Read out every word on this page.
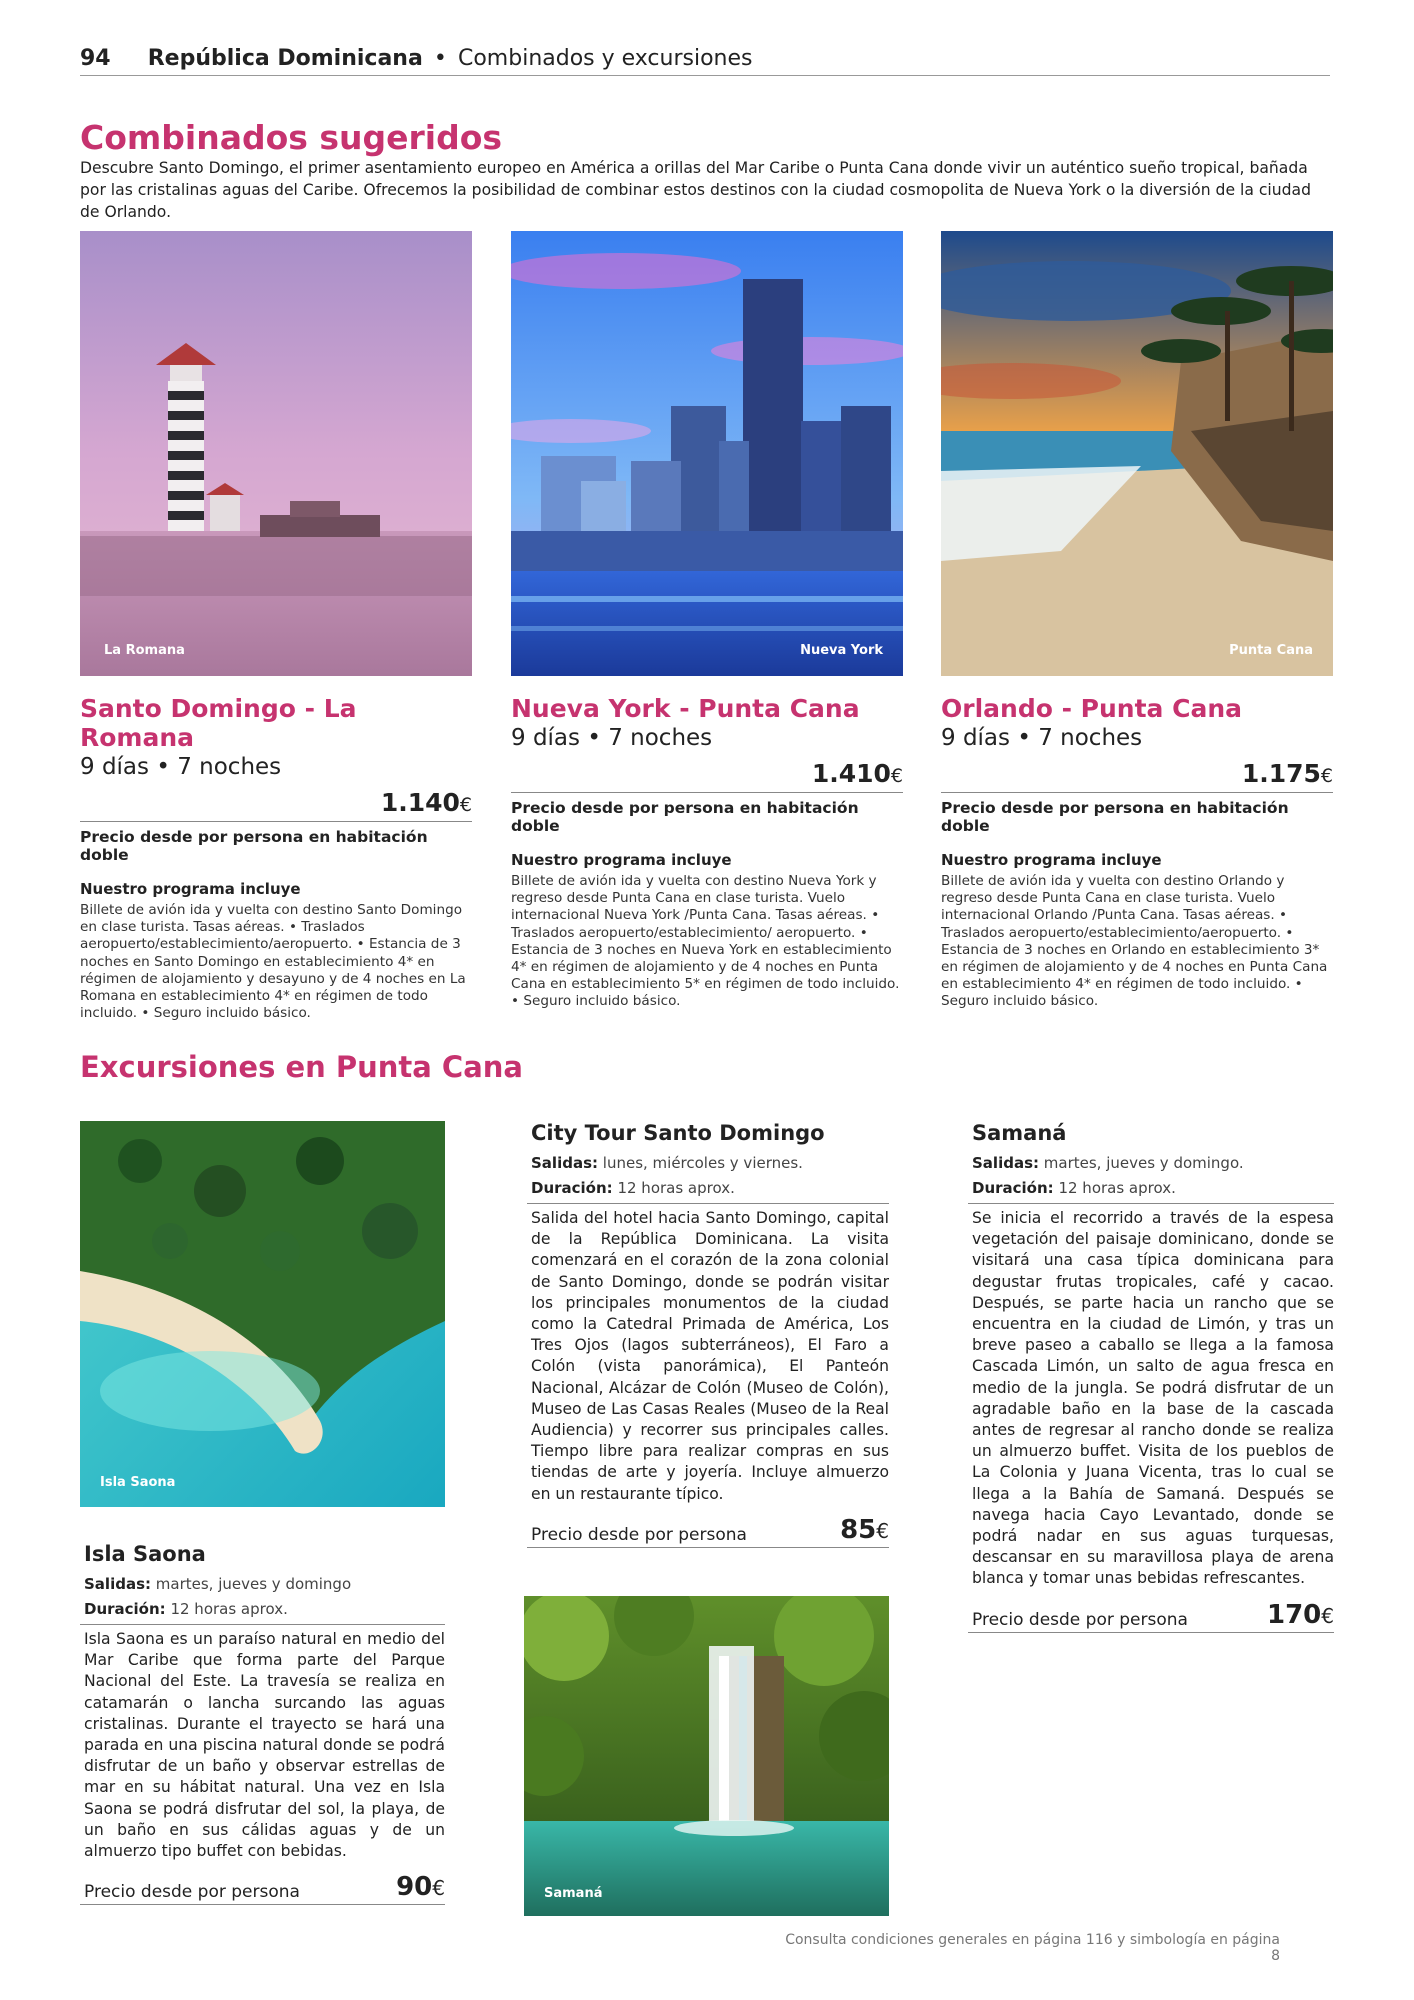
94 República Dominicana • Combinados y excursiones
Combinados sugeridos
Descubre Santo Domingo, el primer asentamiento europeo en América a orillas del Mar Caribe o Punta Cana donde vivir un auténtico sueño tropical, bañada por las cristalinas aguas del Caribe. Ofrecemos la posibilidad de combinar estos destinos con la ciudad cosmopolita de Nueva York o la diversión de la ciudad de Orlando.
La Romana	Nueva York	Punta Cana
Santo Domingo - La Romana
9 días • 7 noches
1.140€
Precio desde por persona en habitación doble
Nuestro programa incluye
Billete de avión ida y vuelta con destino Santo Domingo en clase turista. Tasas aéreas. • Traslados aeropuerto/establecimiento/aeropuerto. • Estancia de 3 noches en Santo Domingo en establecimiento 4* en régimen de alojamiento y desayuno y de 4 noches en La Romana en establecimiento 4* en régimen de todo incluido. • Seguro incluido básico.
Nueva York - Punta Cana
9 días • 7 noches
1.410€
Precio desde por persona en habitación doble
Nuestro programa incluye
Billete de avión ida y vuelta con destino Nueva York y regreso desde Punta Cana en clase turista. Vuelo internacional Nueva York /Punta Cana. Tasas aéreas. • Traslados aeropuerto/establecimiento/ aeropuerto. • Estancia de 3 noches en Nueva York en establecimiento 4* en régimen de alojamiento y de 4 noches en Punta Cana en establecimiento 5* en régimen de todo incluido. • Seguro incluido básico.
Orlando - Punta Cana
9 días • 7 noches
1.175€
Precio desde por persona en habitación doble
Nuestro programa incluye
Billete de avión ida y vuelta con destino Orlando y regreso desde Punta Cana en clase turista. Vuelo internacional Orlando /Punta Cana. Tasas aéreas. • Traslados aeropuerto/establecimiento/aeropuerto. • Estancia de 3 noches en Orlando en establecimiento 3* en régimen de alojamiento y de 4 noches en Punta Cana en establecimiento 4* en régimen de todo incluido. • Seguro incluido básico.
Excursiones en Punta Cana
Isla Saona
Isla Saona
Salidas: martes, jueves y domingo
Duración: 12 horas aprox.
Isla Saona es un paraíso natural en medio del Mar Caribe que forma parte del Parque Nacional del Este. La travesía se realiza en catamarán o lancha surcando las aguas cristalinas. Durante el trayecto se hará una parada en una piscina natural donde se podrá disfrutar de un baño y observar estrellas de mar en su hábitat natural. Una vez en Isla Saona se podrá disfrutar del sol, la playa, de un baño en sus cálidas aguas y de un almuerzo tipo buffet con bebidas.
Precio desde por persona	90€
City Tour Santo Domingo
Salidas: lunes, miércoles y viernes.
Duración: 12 horas aprox.
Salida del hotel hacia Santo Domingo, capital de la República Dominicana. La visita comenzará en el corazón de la zona colonial de Santo Domingo, donde se podrán visitar los principales monumentos de la ciudad como la Catedral Primada de América, Los Tres Ojos (lagos subterráneos), El Faro a Colón (vista panorámica), El Panteón Nacional, Alcázar de Colón (Museo de Colón), Museo de Las Casas Reales (Museo de la Real Audiencia) y recorrer sus principales calles. Tiempo libre para realizar compras en sus tiendas de arte y joyería. Incluye almuerzo en un restaurante típico.
Precio desde por persona	85€
Samaná
Samaná
Salidas: martes, jueves y domingo.
Duración: 12 horas aprox.
Se inicia el recorrido a través de la espesa vegetación del paisaje dominicano, donde se visitará una casa típica dominicana para degustar frutas tropicales, café y cacao. Después, se parte hacia un rancho que se encuentra en la ciudad de Limón, y tras un breve paseo a caballo se llega a la famosa Cascada Limón, un salto de agua fresca en medio de la jungla. Se podrá disfrutar de un agradable baño en la base de la cascada antes de regresar al rancho donde se realiza un almuerzo buffet. Visita de los pueblos de La Colonia y Juana Vicenta, tras lo cual se llega a la Bahía de Samaná. Después se navega hacia Cayo Levantado, donde se podrá nadar en sus aguas turquesas, descansar en su maravillosa playa de arena blanca y tomar unas bebidas refrescantes.
Precio desde por persona	170€
Consulta condiciones generales en página 116 y simbología en página 8
